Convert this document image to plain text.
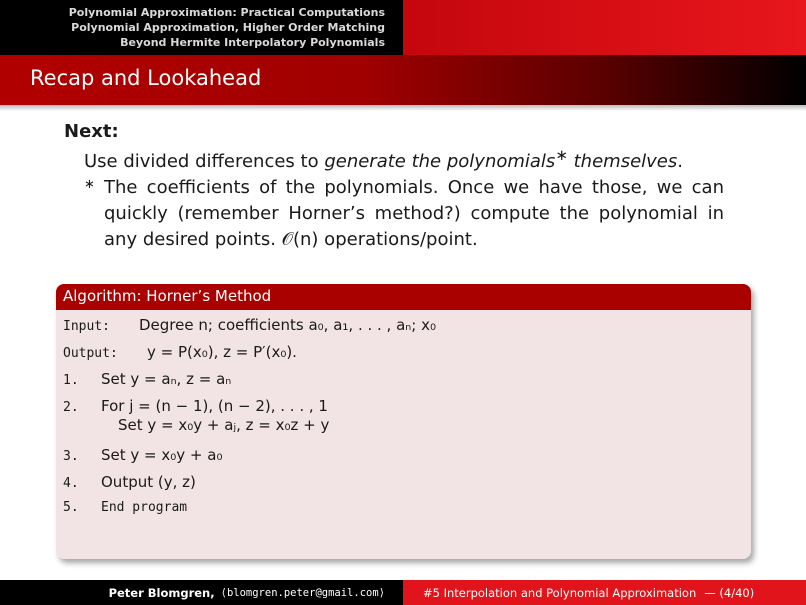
Polynomial Approximation: Practical Computations
Polynomial Approximation, Higher Order Matching
Beyond Hermite Interpolatory Polynomials
Recap and Lookahead
Next:
Use divided differences to generate the polynomials∗ themselves.
∗ The coefficients of the polynomials. Once we have those, we can quickly (remember Horner’s method?) compute the polynomial in any desired points. 𝒪(n) operations/point.
Algorithm: Horner’s Method
Input:	Degree n; coefficients a₀, a₁, . . . , aₙ; x₀
Output:	y = P(x₀), z = P′(x₀).
1.	Set y = aₙ, z = aₙ
2.	For j = (n − 1), (n − 2), . . . , 1
Set y = x₀y + aⱼ, z = x₀z + y
3.	Set y = x₀y + a₀
4.	Output (y, z)
5.	End program
Peter Blomgren, ⟨blomgren.peter@gmail.com⟩	#5 Interpolation and Polynomial Approximation — (4/40)
